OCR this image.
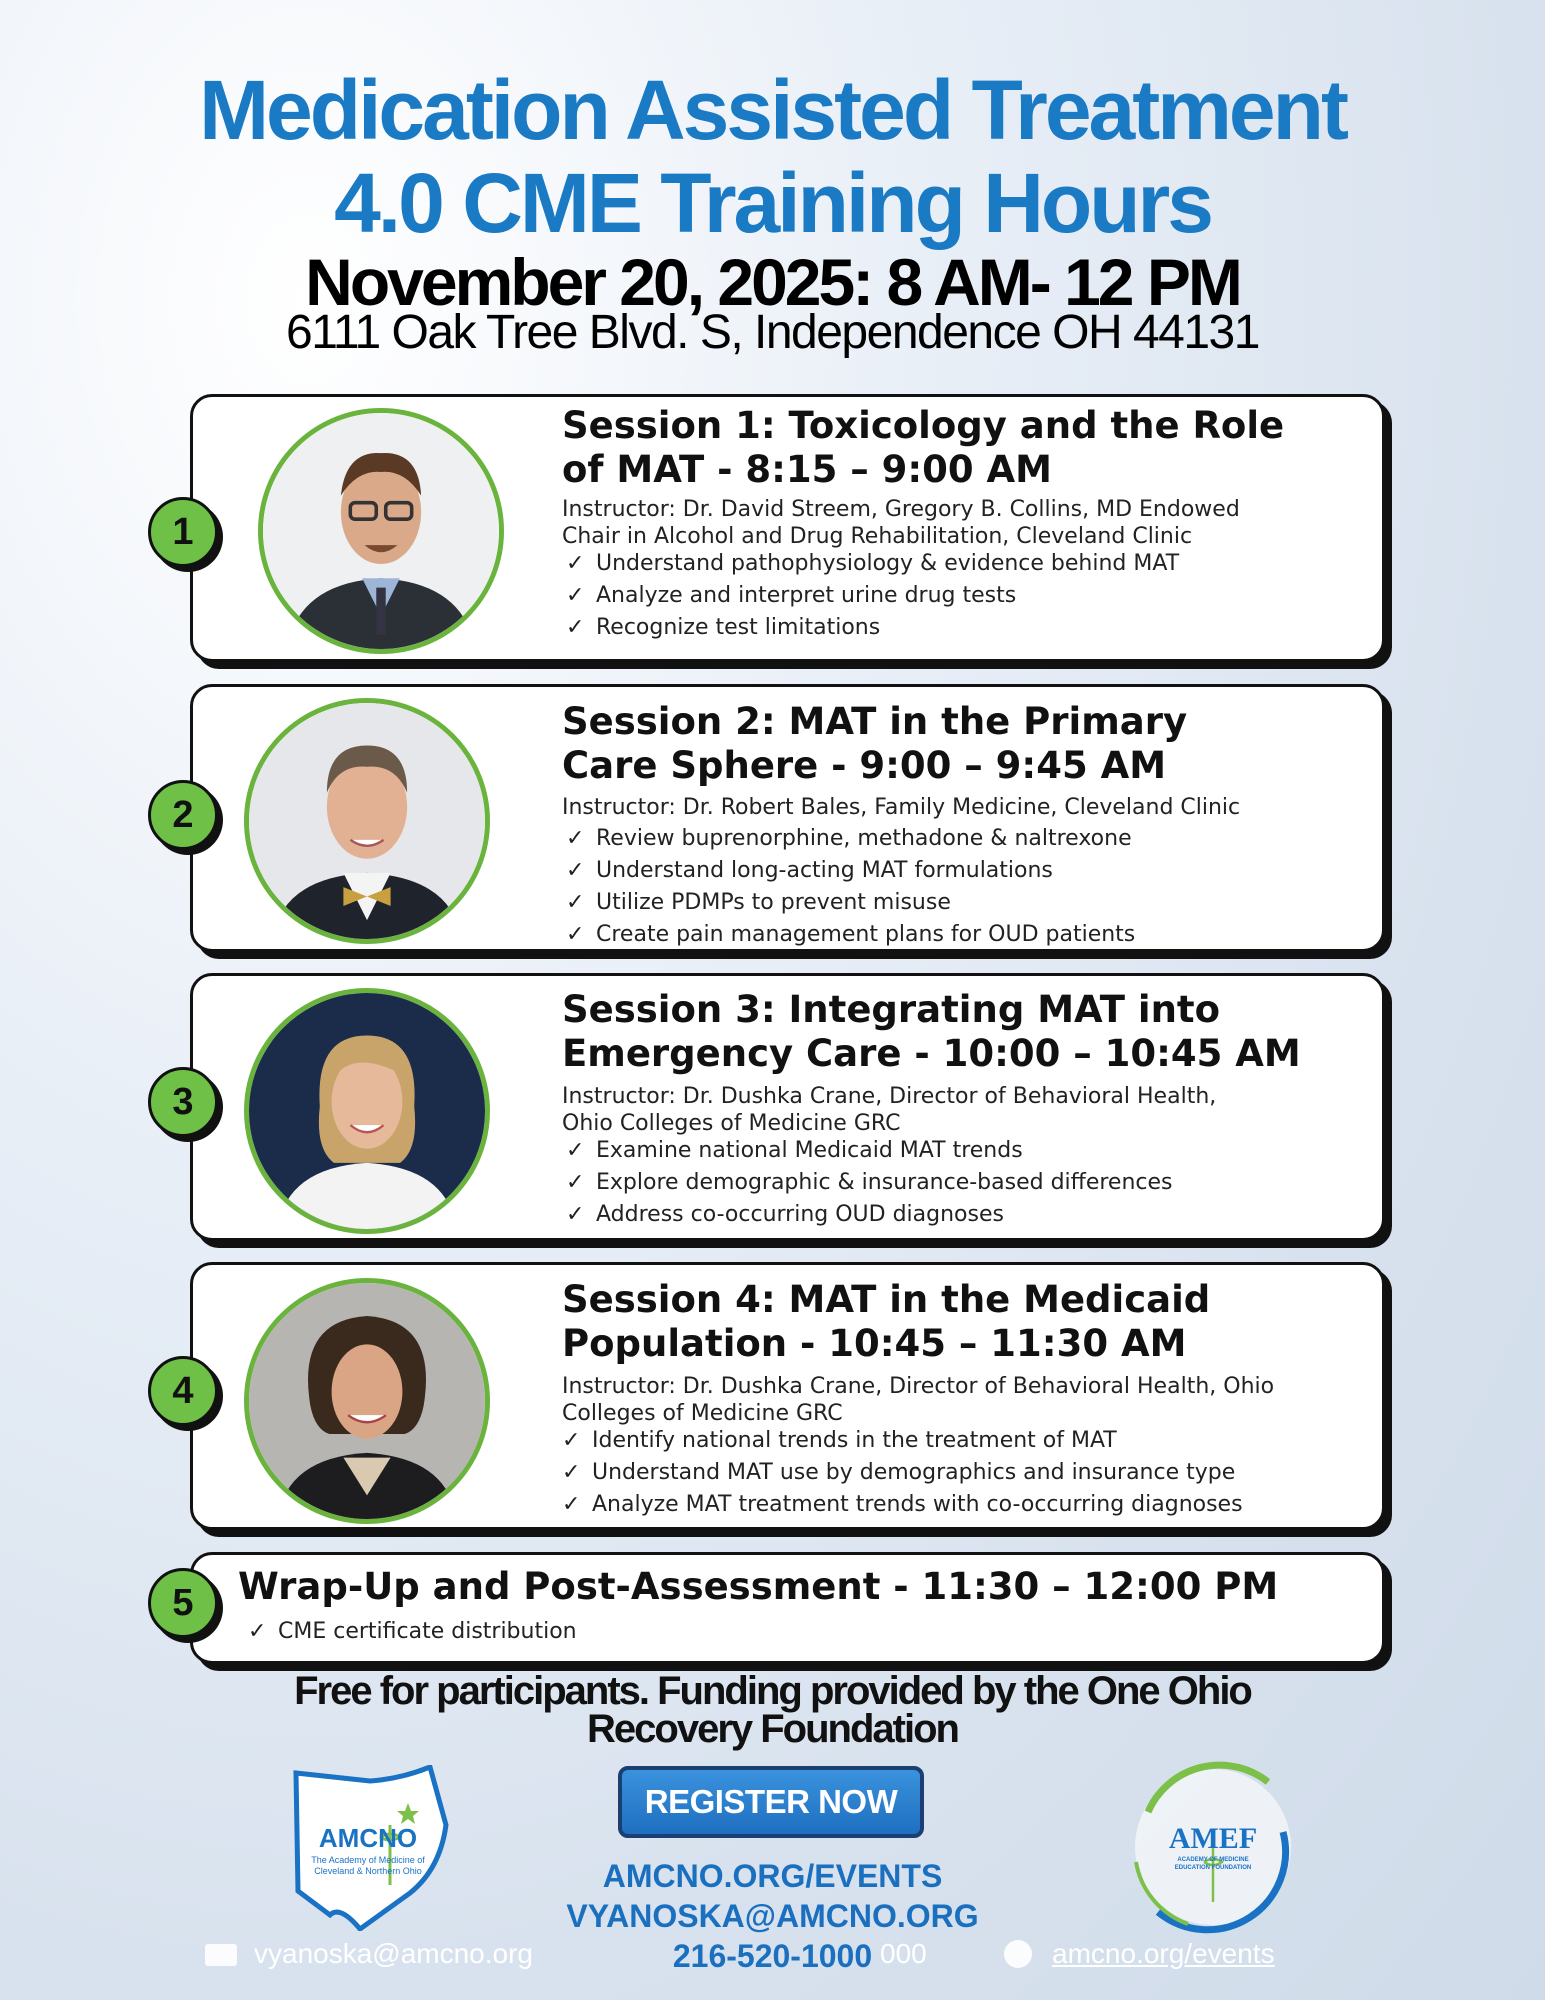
Medication Assisted Treatment
4.0 CME Training Hours
November 20, 2025: 8 AM- 12 PM
6111 Oak Tree Blvd. S, Independence OH 44131
1
Session 1: Toxicology and the Role
of MAT - 8:15 – 9:00 AM
Instructor: Dr. David Streem, Gregory B. Collins, MD Endowed
Chair in Alcohol and Drug Rehabilitation, Cleveland Clinic
✓ Understand pathophysiology & evidence behind MAT
✓ Analyze and interpret urine drug tests
✓ Recognize test limitations
2
Session 2: MAT in the Primary
Care Sphere - 9:00 – 9:45 AM
Instructor: Dr. Robert Bales, Family Medicine, Cleveland Clinic
✓ Review buprenorphine, methadone & naltrexone
✓ Understand long-acting MAT formulations
✓ Utilize PDMPs to prevent misuse
✓ Create pain management plans for OUD patients
3
Session 3: Integrating MAT into
Emergency Care - 10:00 – 10:45 AM
Instructor: Dr. Dushka Crane, Director of Behavioral Health,
Ohio Colleges of Medicine GRC
✓ Examine national Medicaid MAT trends
✓ Explore demographic & insurance-based differences
✓ Address co-occurring OUD diagnoses
4
Session 4: MAT in the Medicaid
Population - 10:45 – 11:30 AM
Instructor: Dr. Dushka Crane, Director of Behavioral Health, Ohio
Colleges of Medicine GRC
✓ Identify national trends in the treatment of MAT
✓ Understand MAT use by demographics and insurance type
✓ Analyze MAT treatment trends with co-occurring diagnoses
5	Wrap-Up and Post-Assessment - 11:30 – 12:00 PM
✓ CME certificate distribution
Free for participants. Funding provided by the One Ohio
Recovery Foundation
AMCNO
The Academy of Medicine of
Cleveland & Northern Ohio
REGISTER NOW
AMCNO.ORG/EVENTS
VYANOSKA@AMCNO.ORG
216-520-1000
vyanoska@amcno.org	000	amcno.org/events
AMEF
ACADEMY OF MEDICINE
EDUCATION FOUNDATION
